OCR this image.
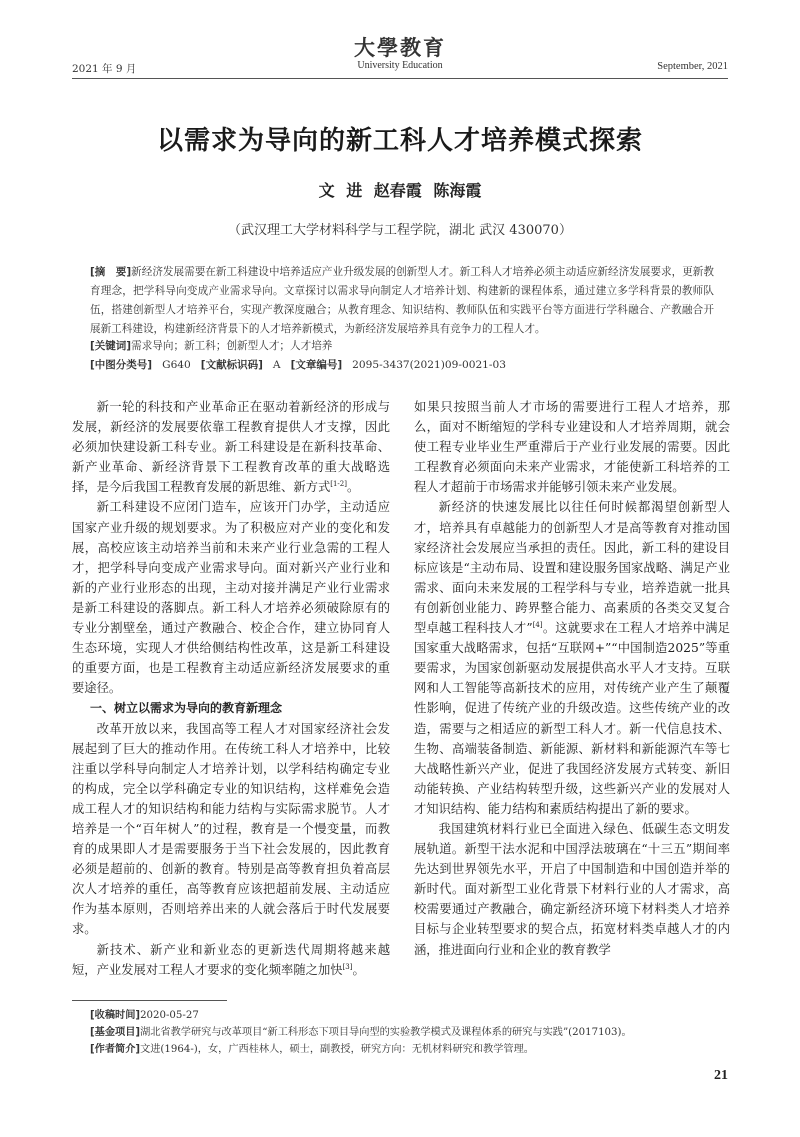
大學教育
University Education
2021 年 9 月	September, 2021
以需求为导向的新工科人才培养模式探索
文 进 赵春霞 陈海霞
（武汉理工大学材料科学与工程学院，湖北 武汉 430070）
[摘　要]新经济发展需要在新工科建设中培养适应产业升级发展的创新型人才。新工科人才培养必须主动适应新经济发展要求，更新教育理念，把学科导向变成产业需求导向。文章探讨以需求导向制定人才培养计划、构建新的课程体系，通过建立多学科背景的教师队伍，搭建创新型人才培养平台，实现产教深度融合；从教育理念、知识结构、教师队伍和实践平台等方面进行学科融合、产教融合开展新工科建设，构建新经济背景下的人才培养新模式，为新经济发展培养具有竞争力的工程人才。
[关键词]需求导向；新工科；创新型人才；人才培养
[中图分类号] G640 [文献标识码] A [文章编号] 2095-3437(2021)09-0021-03

新一轮的科技和产业革命正在驱动着新经济的形成与发展，新经济的发展要依靠工程教育提供人才支撑，因此必须加快建设新工科专业。新工科建设是在新科技革命、新产业革命、新经济背景下工程教育改革的重大战略选择，是今后我国工程教育发展的新思维、新方式[1-2]。

新工科建设不应闭门造车，应该开门办学，主动适应国家产业升级的规划要求。为了积极应对产业的变化和发展，高校应该主动培养当前和未来产业行业急需的工程人才，把学科导向变成产业需求导向。面对新兴产业行业和新的产业行业形态的出现，主动对接并满足产业行业需求是新工科建设的落脚点。新工科人才培养必须破除原有的专业分割壁垒，通过产教融合、校企合作，建立协同育人生态环境，实现人才供给侧结构性改革，这是新工科建设的重要方面，也是工程教育主动适应新经济发展要求的重要途径。

一、树立以需求为导向的教育新理念

改革开放以来，我国高等工程人才对国家经济社会发展起到了巨大的推动作用。在传统工科人才培养中，比较注重以学科导向制定人才培养计划，以学科结构确定专业的构成，完全以学科确定专业的知识结构，这样难免会造成工程人才的知识结构和能力结构与实际需求脱节。人才培养是一个“百年树人”的过程，教育是一个慢变量，而教育的成果即人才是需要服务于当下社会发展的，因此教育必须是超前的、创新的教育。特别是高等教育担负着高层次人才培养的重任，高等教育应该把超前发展、主动适应作为基本原则，否则培养出来的人就会落后于时代发展要求。

新技术、新产业和新业态的更新迭代周期将越来越短，产业发展对工程人才要求的变化频率随之加快[3]。

如果只按照当前人才市场的需要进行工程人才培养，那么，面对不断缩短的学科专业建设和人才培养周期，就会使工程专业毕业生严重滞后于产业行业发展的需要。因此工程教育必须面向未来产业需求，才能使新工科培养的工程人才超前于市场需求并能够引领未来产业发展。

新经济的快速发展比以往任何时候都渴望创新型人才，培养具有卓越能力的创新型人才是高等教育对推动国家经济社会发展应当承担的责任。因此，新工科的建设目标应该是“主动布局、设置和建设服务国家战略、满足产业需求、面向未来发展的工程学科与专业，培养造就一批具有创新创业能力、跨界整合能力、高素质的各类交叉复合型卓越工程科技人才”[4]。这就要求在工程人才培养中满足国家重大战略需求，包括“互联网+”“中国制造2025”等重要需求，为国家创新驱动发展提供高水平人才支持。互联网和人工智能等高新技术的应用，对传统产业产生了颠覆性影响，促进了传统产业的升级改造。这些传统产业的改造，需要与之相适应的新型工科人才。新一代信息技术、生物、高端装备制造、新能源、新材料和新能源汽车等七大战略性新兴产业，促进了我国经济发展方式转变、新旧动能转换、产业结构转型升级，这些新兴产业的发展对人才知识结构、能力结构和素质结构提出了新的要求。

我国建筑材料行业已全面进入绿色、低碳生态文明发展轨道。新型干法水泥和中国浮法玻璃在“十三五”期间率先达到世界领先水平，开启了中国制造和中国创造并举的新时代。面对新型工业化背景下材料行业的人才需求，高校需要通过产教融合，确定新经济环境下材料类人才培养目标与企业转型要求的契合点，拓宽材料类卓越人才的内涵，推进面向行业和企业的教育教学

[收稿时间]2020-05-27
[基金项目]湖北省教学研究与改革项目“新工科形态下项目导向型的实验教学模式及课程体系的研究与实践”(2017103)。
[作者简介]文进(1964-)，女，广西桂林人，硕士，副教授，研究方向：无机材料研究和教学管理。
21
